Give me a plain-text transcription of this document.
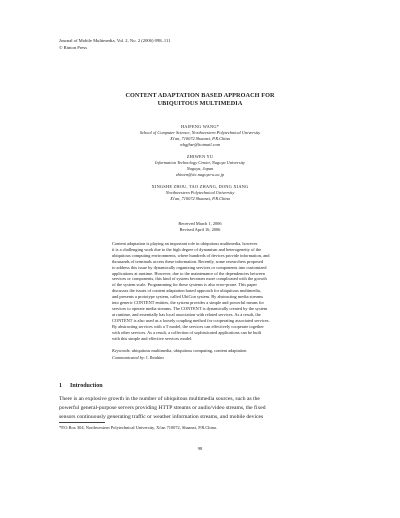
Journal of Mobile Multimedia, Vol. 2, No. 2 (2006) 098–111
© Rinton Press
CONTENT ADAPTATION BASED APPROACH FOR
UBIQUITOUS MULTIMEDIA
HAIFENG WANG*
School of Computer Science, Northwestern Polytechnical University
Xi'an, 710072 Shaanxi, P.R.China
whgjhzr@hotmail.com
ZHIWEN YU
Information Technology Center, Nagoya University
Nagoya, Japan
zhiwen@itc.nagoya-u.ac.jp
XINGSHE ZHOU, TAO ZHANG, DONG XIANG
Northwestern Polytechnical University
Xi'an, 710072 Shaanxi, P.R.China
Received March 1, 2006
Revised April 16, 2006

Content adaptation is playing an important role in ubiquitous multimedia, however

it is a challenging work due to the high degree of dynamism and heterogeneity of the

ubiquitous computing environments, where hundreds of devices provide information, and

thousands of terminals access these information. Recently, some researchers proposed

to address this issue by dynamically organizing services or components into customized

applications at runtime. However, due to the maintenance of the dependencies between

services or components, this kind of system becomes more complicated with the growth

of the system scale. Programming for these systems is also error-prone. This paper

discusses the issues of content adaptation based approach for ubiquitous multimedia,

and presents a prototype system, called UbiCon system. By abstracting media streams

into generic CONTENT entities, the system provides a simple and powerful means for

services to operate media streams. The CONTENT is dynamically created by the system

at runtime, and essentially has local association with related services. As a result, the

CONTENT is also used as a loosely coupling method for cooperating associated services.

By abstracting services with a T model, the services can effectively cooperate together

with other services. As a result, a collection of sophisticated applications can be built

with this simple and effective services model.

Keywords: ubiquitous multimedia, ubiquitous computing, content adaptation
Communicated by: I. Ibrahim
1 Introduction
There is an explosive growth in the number of ubiquitous multimedia sources, such as the
powerful general-purpose servers providing HTTP streams or audio/video streams, the fixed
sensors continuously generating traffic or weather information streams, and mobile devices
*P.O.Box 304, Northwestern Polytechnical University, Xi'an 710072, Shaanxi, P.R.China.
98
